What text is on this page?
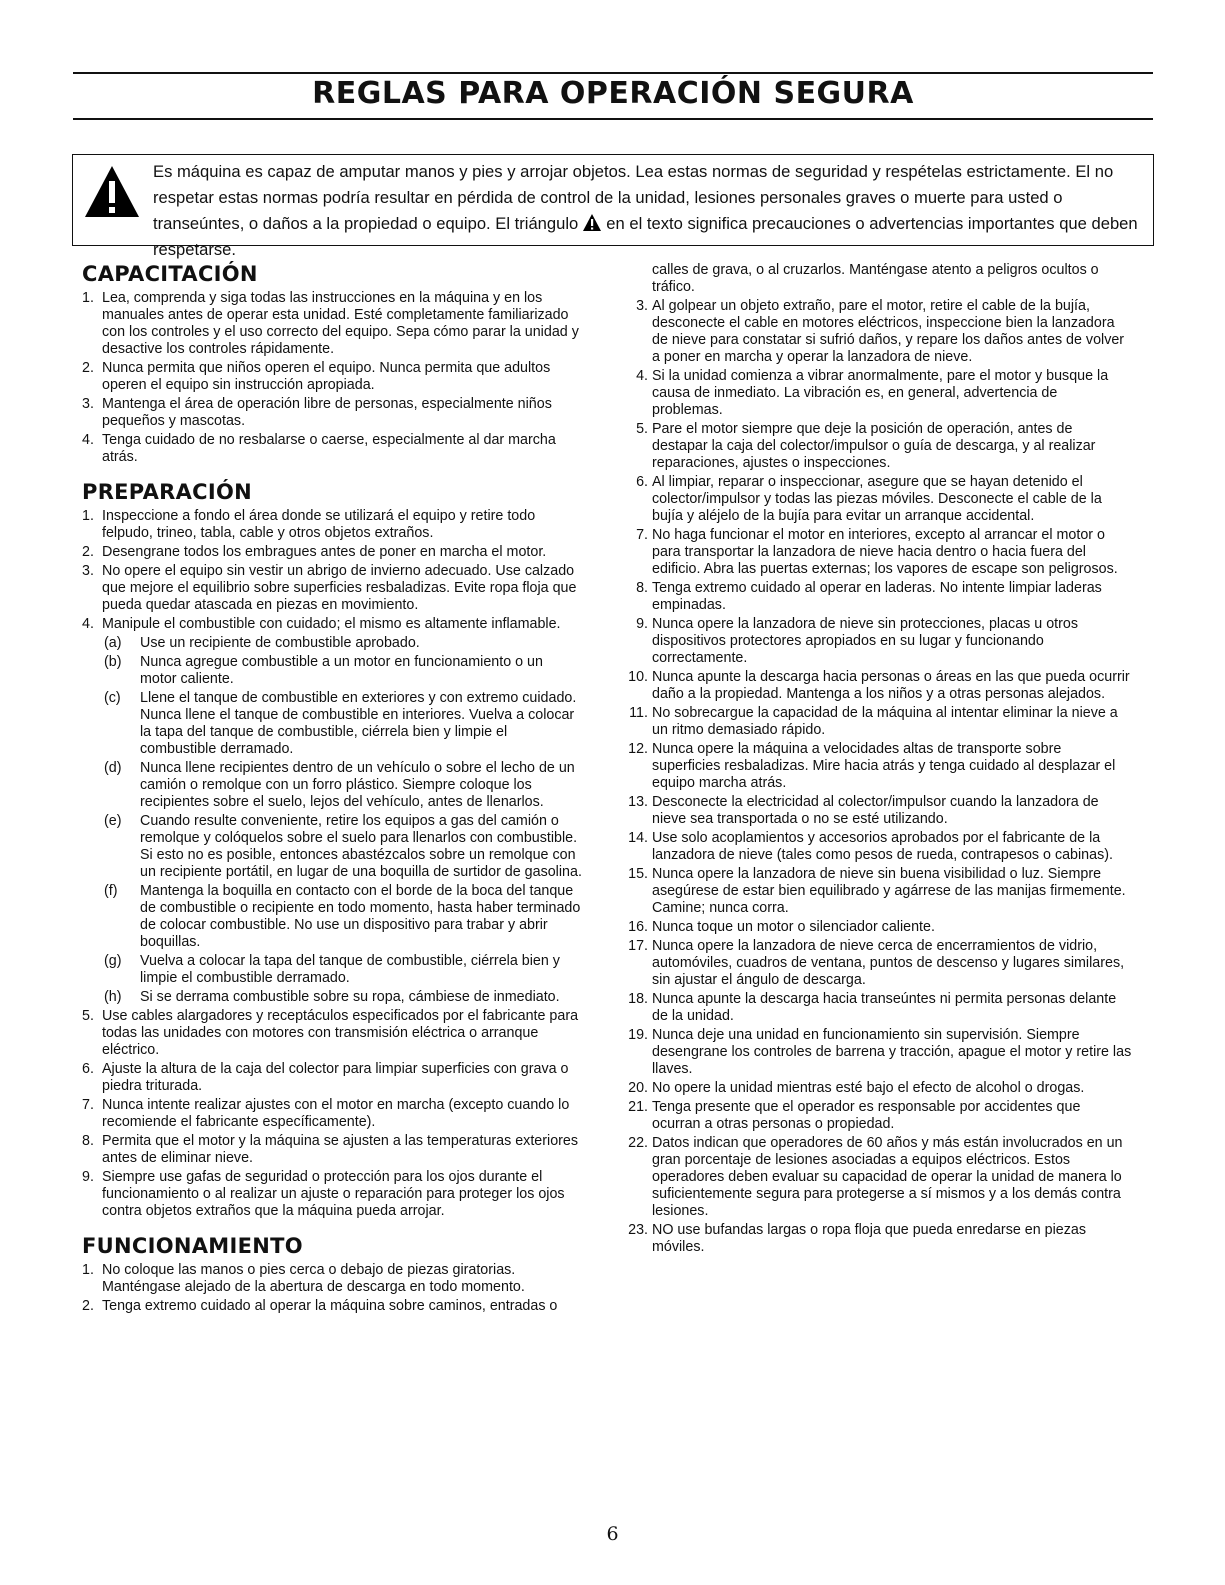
REGLAS PARA OPERACIÓN SEGURA
Es máquina es capaz de amputar manos y pies y arrojar objetos. Lea estas normas de seguridad y respételas estrictamente. El no respetar estas normas podría resultar en pérdida de control de la unidad, lesiones personales graves o muerte para usted o transeúntes, o daños a la propiedad o equipo. El triángulo en el texto significa precauciones o advertencias importantes que deben respetarse.
CAPACITACIÓN
1. Lea, comprenda y siga todas las instrucciones en la máquina y en los manuales antes de operar esta unidad. Esté completamente familiarizado con los controles y el uso correcto del equipo. Sepa cómo parar la unidad y desactive los controles rápidamente.
2. Nunca permita que niños operen el equipo. Nunca permita que adultos operen el equipo sin instrucción apropiada.
3. Mantenga el área de operación libre de personas, especialmente niños pequeños y mascotas.
4. Tenga cuidado de no resbalarse o caerse, especialmente al dar marcha atrás.
PREPARACIÓN
1. Inspeccione a fondo el área donde se utilizará el equipo y retire todo felpudo, trineo, tabla, cable y otros objetos extraños.
2. Desengrane todos los embragues antes de poner en marcha el motor.
3. No opere el equipo sin vestir un abrigo de invierno adecuado. Use calzado que mejore el equilibrio sobre superficies resbaladizas. Evite ropa floja que pueda quedar atascada en piezas en movimiento.
4. Manipule el combustible con cuidado; el mismo es altamente inflamable.
(a) Use un recipiente de combustible aprobado.
(b) Nunca agregue combustible a un motor en funcionamiento o un motor caliente.
(c) Llene el tanque de combustible en exteriores y con extremo cuidado. Nunca llene el tanque de combustible en interiores. Vuelva a colocar la tapa del tanque de combustible, ciérrela bien y limpie el combustible derramado.
(d) Nunca llene recipientes dentro de un vehículo o sobre el lecho de un camión o remolque con un forro plástico. Siempre coloque los recipientes sobre el suelo, lejos del vehículo, antes de llenarlos.
(e) Cuando resulte conveniente, retire los equipos a gas del camión o remolque y colóquelos sobre el suelo para llenarlos con combustible. Si esto no es posible, entonces abastézcalos sobre un remolque con un recipiente portátil, en lugar de una boquilla de surtidor de gasolina.
(f) Mantenga la boquilla en contacto con el borde de la boca del tanque de combustible o recipiente en todo momento, hasta haber terminado de colocar combustible. No use un dispositivo para trabar y abrir boquillas.
(g) Vuelva a colocar la tapa del tanque de combustible, ciérrela bien y limpie el combustible derramado.
(h) Si se derrama combustible sobre su ropa, cámbiese de inmediato.
5. Use cables alargadores y receptáculos especificados por el fabricante para todas las unidades con motores con transmisión eléctrica o arranque eléctrico.
6. Ajuste la altura de la caja del colector para limpiar superficies con grava o piedra triturada.
7. Nunca intente realizar ajustes con el motor en marcha (excepto cuando lo recomiende el fabricante específicamente).
8. Permita que el motor y la máquina se ajusten a las temperaturas exteriores antes de eliminar nieve.
9. Siempre use gafas de seguridad o protección para los ojos durante el funcionamiento o al realizar un ajuste o reparación para proteger los ojos contra objetos extraños que la máquina pueda arrojar.
FUNCIONAMIENTO
1. No coloque las manos o pies cerca o debajo de piezas giratorias. Manténgase alejado de la abertura de descarga en todo momento.
2. Tenga extremo cuidado al operar la máquina sobre caminos, entradas o
calles de grava, o al cruzarlos. Manténgase atento a peligros ocultos o tráfico.
3. Al golpear un objeto extraño, pare el motor, retire el cable de la bujía, desconecte el cable en motores eléctricos, inspeccione bien la lanzadora de nieve para constatar si sufrió daños, y repare los daños antes de volver a poner en marcha y operar la lanzadora de nieve.
4. Si la unidad comienza a vibrar anormalmente, pare el motor y busque la causa de inmediato. La vibración es, en general, advertencia de problemas.
5. Pare el motor siempre que deje la posición de operación, antes de destapar la caja del colector/impulsor o guía de descarga, y al realizar reparaciones, ajustes o inspecciones.
6. Al limpiar, reparar o inspeccionar, asegure que se hayan detenido el colector/impulsor y todas las piezas móviles. Desconecte el cable de la bujía y aléjelo de la bujía para evitar un arranque accidental.
7. No haga funcionar el motor en interiores, excepto al arrancar el motor o para transportar la lanzadora de nieve hacia dentro o hacia fuera del edificio. Abra las puertas externas; los vapores de escape son peligrosos.
8. Tenga extremo cuidado al operar en laderas. No intente limpiar laderas empinadas.
9. Nunca opere la lanzadora de nieve sin protecciones, placas u otros dispositivos protectores apropiados en su lugar y funcionando correctamente.
10. Nunca apunte la descarga hacia personas o áreas en las que pueda ocurrir daño a la propiedad. Mantenga a los niños y a otras personas alejados.
11. No sobrecargue la capacidad de la máquina al intentar eliminar la nieve a un ritmo demasiado rápido.
12. Nunca opere la máquina a velocidades altas de transporte sobre superficies resbaladizas. Mire hacia atrás y tenga cuidado al desplazar el equipo marcha atrás.
13. Desconecte la electricidad al colector/impulsor cuando la lanzadora de nieve sea transportada o no se esté utilizando.
14. Use solo acoplamientos y accesorios aprobados por el fabricante de la lanzadora de nieve (tales como pesos de rueda, contrapesos o cabinas).
15. Nunca opere la lanzadora de nieve sin buena visibilidad o luz. Siempre asegúrese de estar bien equilibrado y agárrese de las manijas firmemente. Camine; nunca corra.
16. Nunca toque un motor o silenciador caliente.
17. Nunca opere la lanzadora de nieve cerca de encerramientos de vidrio, automóviles, cuadros de ventana, puntos de descenso y lugares similares, sin ajustar el ángulo de descarga.
18. Nunca apunte la descarga hacia transeúntes ni permita personas delante de la unidad.
19. Nunca deje una unidad en funcionamiento sin supervisión. Siempre desengrane los controles de barrena y tracción, apague el motor y retire las llaves.
20. No opere la unidad mientras esté bajo el efecto de alcohol o drogas.
21. Tenga presente que el operador es responsable por accidentes que ocurran a otras personas o propiedad.
22. Datos indican que operadores de 60 años y más están involucrados en un gran porcentaje de lesiones asociadas a equipos eléctricos. Estos operadores deben evaluar su capacidad de operar la unidad de manera lo suficientemente segura para protegerse a sí mismos y a los demás contra lesiones.
23. NO use bufandas largas o ropa floja que pueda enredarse en piezas móviles.
6
